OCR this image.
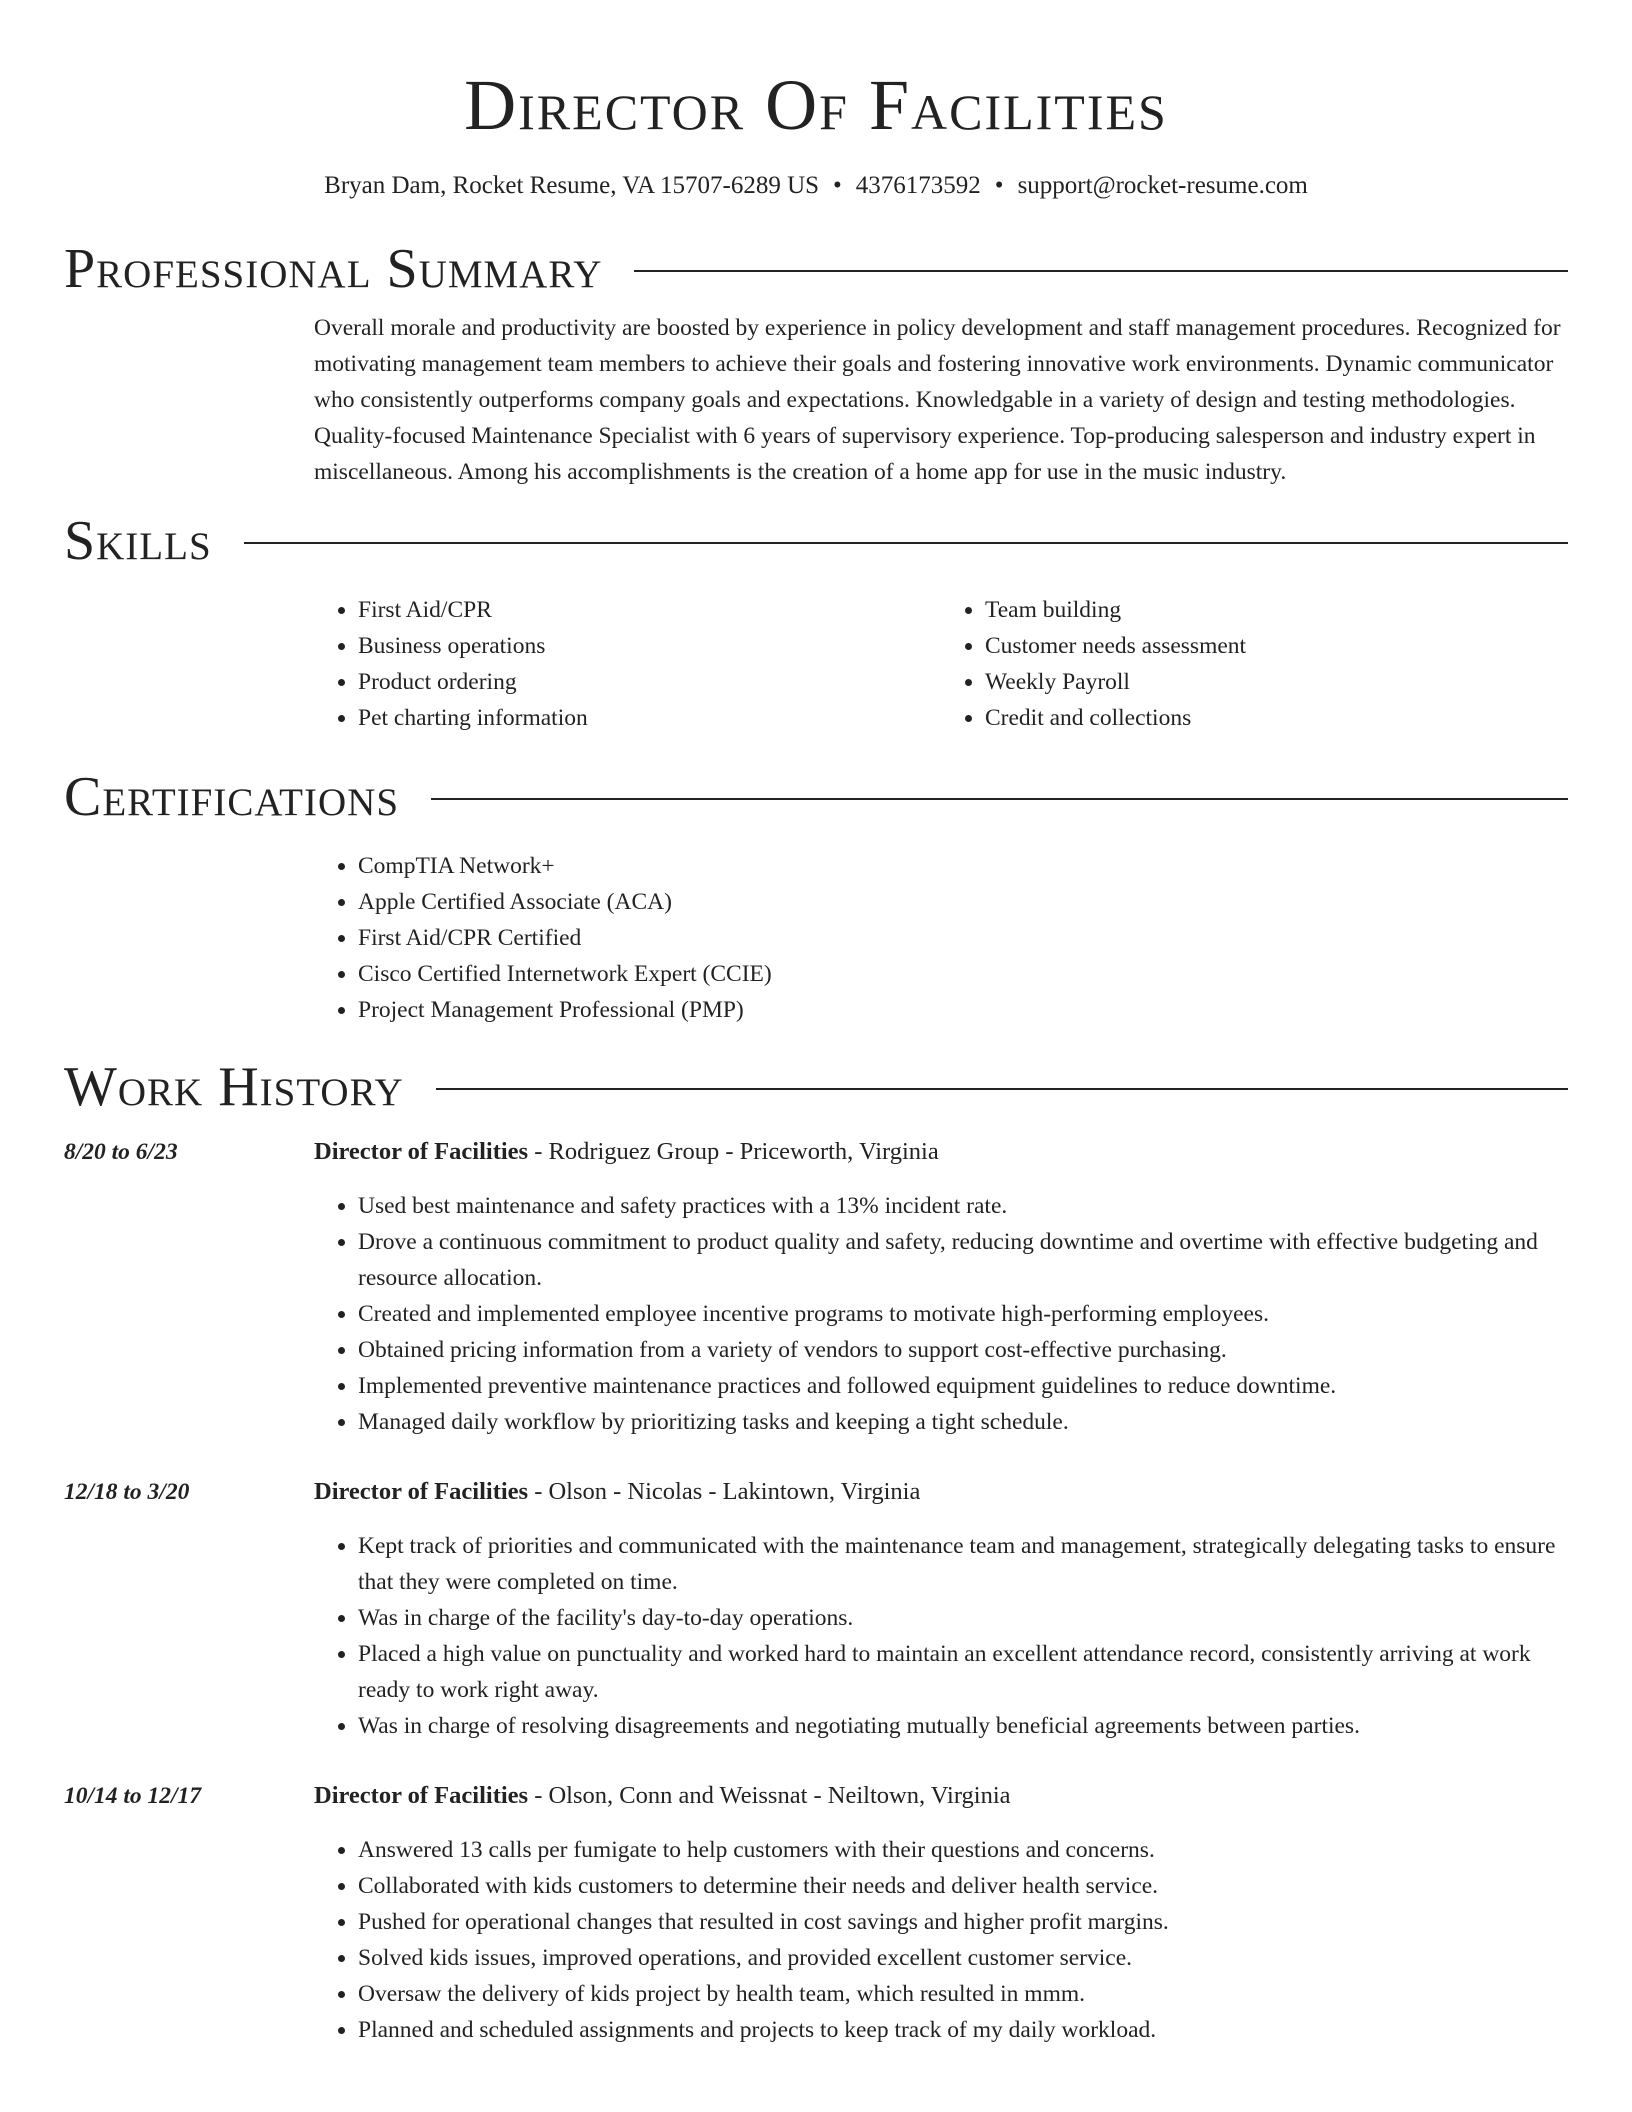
Director Of Facilities
Bryan Dam, Rocket Resume, VA 15707-6289 US • 4376173592 • support@rocket-resume.com
Professional Summary

Overall morale and productivity are boosted by experience in policy development and staff management procedures. Recognized for motivating management team members to achieve their goals and fostering innovative work environments. Dynamic communicator who consistently outperforms company goals and expectations. Knowledgable in a variety of design and testing methodologies. Quality-focused Maintenance Specialist with 6 years of supervisory experience. Top-producing salesperson and industry expert in miscellaneous. Among his accomplishments is the creation of a home app for use in the music industry.

Skills
• First Aid/CPR
• Business operations
• Product ordering
• Pet charting information
• Team building
• Customer needs assessment
• Weekly Payroll
• Credit and collections
Certifications
• CompTIA Network+
• Apple Certified Associate (ACA)
• First Aid/CPR Certified
• Cisco Certified Internetwork Expert (CCIE)
• Project Management Professional (PMP)
Work History
8/20 to 6/23	Director of Facilities - Rodriguez Group - Priceworth, Virginia
• Used best maintenance and safety practices with a 13% incident rate.
• Drove a continuous commitment to product quality and safety, reducing downtime and overtime with effective budgeting and resource allocation.
• Created and implemented employee incentive programs to motivate high-performing employees.
• Obtained pricing information from a variety of vendors to support cost-effective purchasing.
• Implemented preventive maintenance practices and followed equipment guidelines to reduce downtime.
• Managed daily workflow by prioritizing tasks and keeping a tight schedule.
12/18 to 3/20	Director of Facilities - Olson - Nicolas - Lakintown, Virginia
• Kept track of priorities and communicated with the maintenance team and management, strategically delegating tasks to ensure that they were completed on time.
• Was in charge of the facility's day-to-day operations.
• Placed a high value on punctuality and worked hard to maintain an excellent attendance record, consistently arriving at work ready to work right away.
• Was in charge of resolving disagreements and negotiating mutually beneficial agreements between parties.
10/14 to 12/17	Director of Facilities - Olson, Conn and Weissnat - Neiltown, Virginia
• Answered 13 calls per fumigate to help customers with their questions and concerns.
• Collaborated with kids customers to determine their needs and deliver health service.
• Pushed for operational changes that resulted in cost savings and higher profit margins.
• Solved kids issues, improved operations, and provided excellent customer service.
• Oversaw the delivery of kids project by health team, which resulted in mmm.
• Planned and scheduled assignments and projects to keep track of my daily workload.
